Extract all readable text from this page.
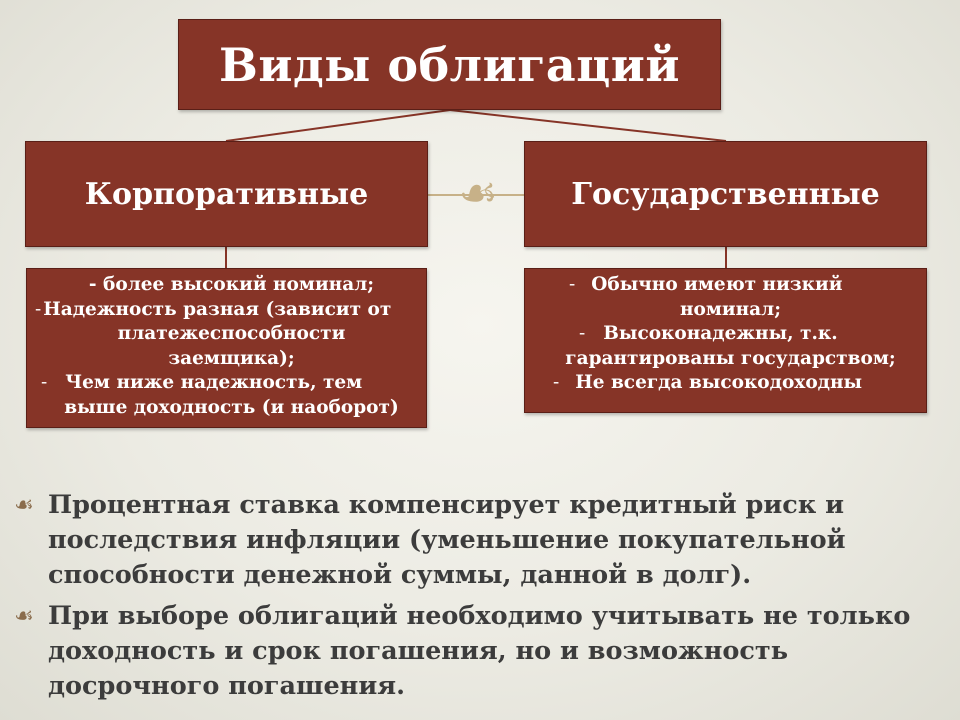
Виды облигаций
Корпоративные	Государственные
☙
- более высокий номинал;
- Надежность разная (зависит от
платежеспособности
заемщика);
- Чем ниже надежность, тем
выше доходность (и наоборот)
- Обычно имеют низкий
номинал;
- Высоконадежны, т.к.
гарантированы государством;
- Не всегда высокодоходны
☙ Процентная ставка компенсирует кредитный риск и последствия инфляции (уменьшение покупательной способности денежной суммы, данной в долг).
☙ При выборе облигаций необходимо учитывать не только доходность и срок погашения, но и возможность досрочного погашения.
